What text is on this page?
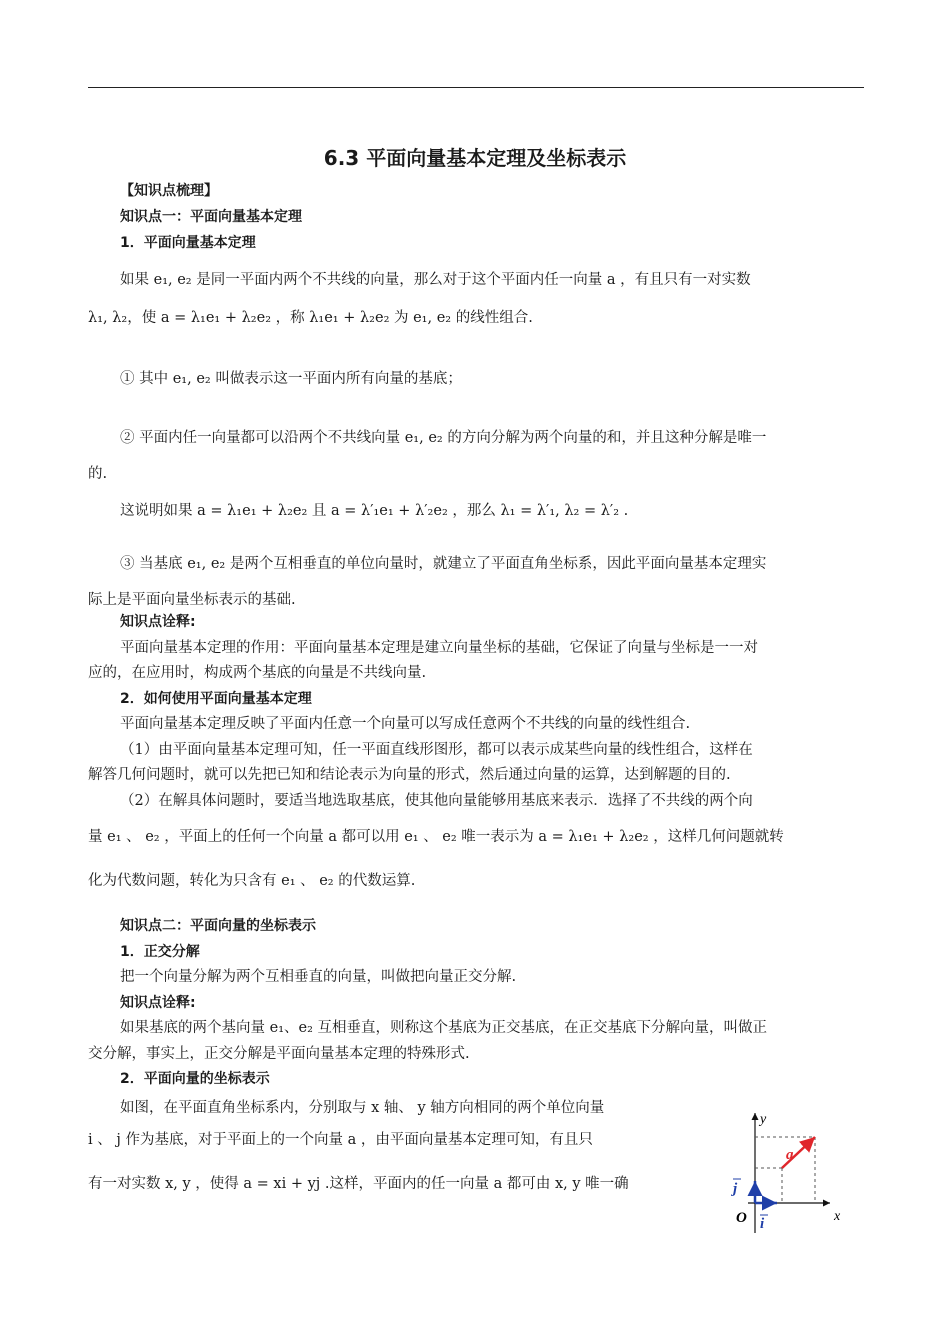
6.3 平面向量基本定理及坐标表示
【知识点梳理】
知识点一：平面向量基本定理
1．平面向量基本定理

如果 e₁, e₂ 是同一平面内两个不共线的向量，那么对于这个平面内任一向量 a ，有且只有一对实数

λ₁, λ₂，使 a = λ₁e₁ + λ₂e₂ ，称 λ₁e₁ + λ₂e₂ 为 e₁, e₂ 的线性组合.

① 其中 e₁, e₂ 叫做表示这一平面内所有向量的基底；

② 平面内任一向量都可以沿两个不共线向量 e₁, e₂ 的方向分解为两个向量的和，并且这种分解是唯一

的.

这说明如果 a = λ₁e₁ + λ₂e₂ 且 a = λ′₁e₁ + λ′₂e₂ ，那么 λ₁ = λ′₁, λ₂ = λ′₂ .

③ 当基底 e₁, e₂ 是两个互相垂直的单位向量时，就建立了平面直角坐标系，因此平面向量基本定理实

际上是平面向量坐标表示的基础.

知识点诠释:

平面向量基本定理的作用：平面向量基本定理是建立向量坐标的基础，它保证了向量与坐标是一一对

应的，在应用时，构成两个基底的向量是不共线向量.

2．如何使用平面向量基本定理

平面向量基本定理反映了平面内任意一个向量可以写成任意两个不共线的向量的线性组合.

（1）由平面向量基本定理可知，任一平面直线形图形，都可以表示成某些向量的线性组合，这样在

解答几何问题时，就可以先把已知和结论表示为向量的形式，然后通过向量的运算，达到解题的目的.

（2）在解具体问题时，要适当地选取基底，使其他向量能够用基底来表示．选择了不共线的两个向

量 e₁ 、 e₂ ，平面上的任何一个向量 a 都可以用 e₁ 、 e₂ 唯一表示为 a = λ₁e₁ + λ₂e₂ ，这样几何问题就转

化为代数问题，转化为只含有 e₁ 、 e₂ 的代数运算.

知识点二：平面向量的坐标表示
1．正交分解

把一个向量分解为两个互相垂直的向量，叫做把向量正交分解.

知识点诠释:

如果基底的两个基向量 e₁、e₂ 互相垂直，则称这个基底为正交基底，在正交基底下分解向量，叫做正

交分解，事实上，正交分解是平面向量基本定理的特殊形式.

2．平面向量的坐标表示

如图，在平面直角坐标系内，分别取与 x 轴、 y 轴方向相同的两个单位向量

i 、 j 作为基底，对于平面上的一个向量 a ，由平面向量基本定理可知，有且只

有一对实数 x, y ，使得 a = xi + yj .这样，平面内的任一向量 a 都可由 x, y 唯一确

y
x
O
a
i
j
